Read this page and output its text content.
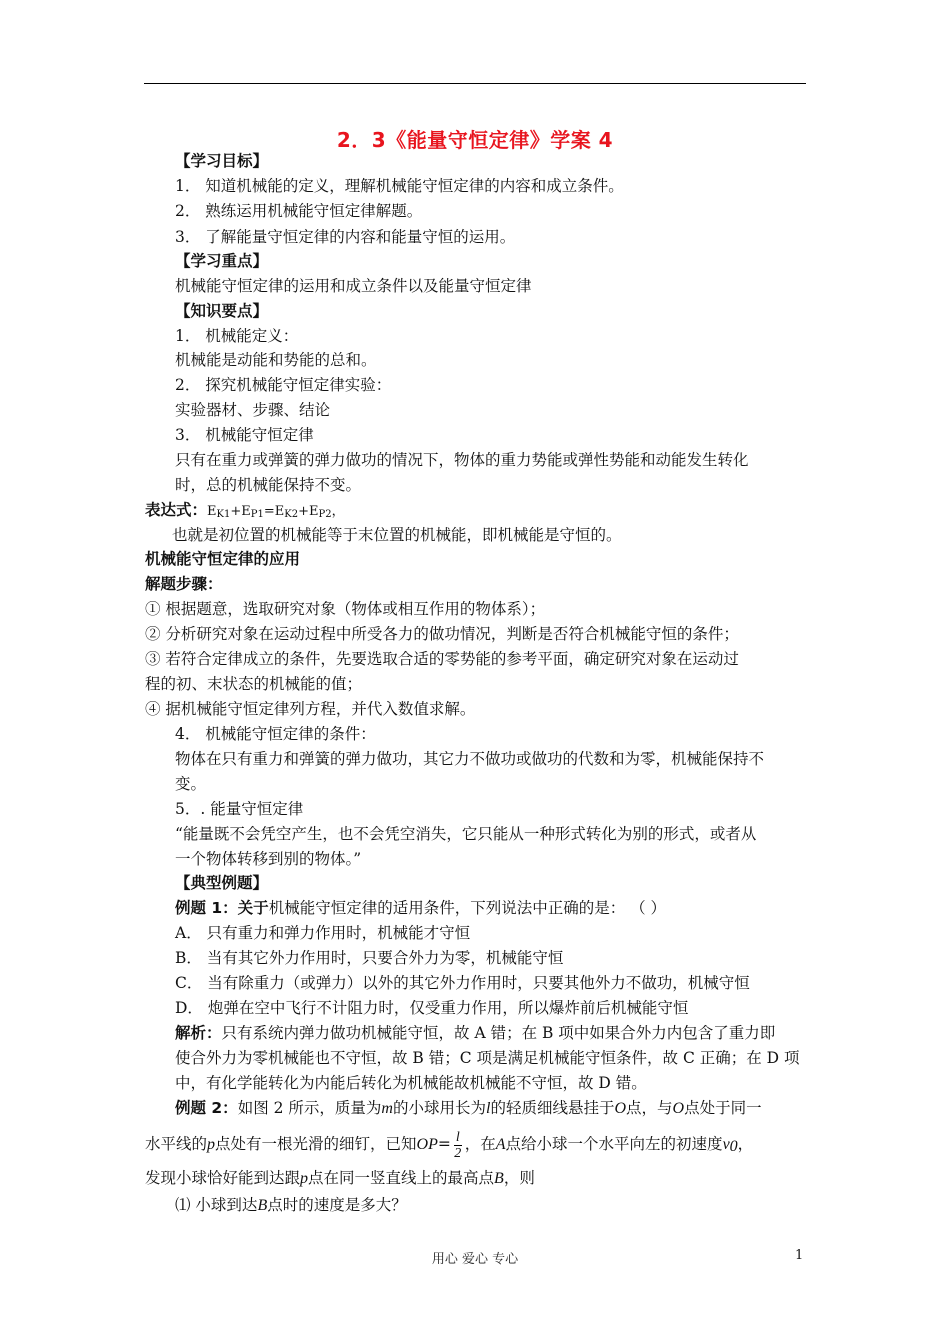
2．3《能量守恒定律》学案 4
【学习目标】
1． 知道机械能的定义，理解机械能守恒定律的内容和成立条件。
2． 熟练运用机械能守恒定律解题。
3． 了解能量守恒定律的内容和能量守恒的运用。
【学习重点】
机械能守恒定律的运用和成立条件以及能量守恒定律
【知识要点】
1． 机械能定义：
机械能是动能和势能的总和。
2． 探究机械能守恒定律实验：
实验器材、步骤、结论
3． 机械能守恒定律
只有在重力或弹簧的弹力做功的情况下，物体的重力势能或弹性势能和动能发生转化
时，总的机械能保持不变。
表达式：$E_{K1}+E_{P1}=E_{K2}+E_{P2}$，
也就是初位置的机械能等于末位置的机械能，即机械能是守恒的。
机械能守恒定律的应用
解题步骤：
① 根据题意，选取研究对象（物体或相互作用的物体系）；
② 分析研究对象在运动过程中所受各力的做功情况，判断是否符合机械能守恒的条件；
③ 若符合定律成立的条件，先要选取合适的零势能的参考平面，确定研究对象在运动过
程的初、末状态的机械能的值；
④ 据机械能守恒定律列方程，并代入数值求解。
4． 机械能守恒定律的条件：
物体在只有重力和弹簧的弹力做功，其它力不做功或做功的代数和为零，机械能保持不
变。
5．. 能量守恒定律
“能量既不会凭空产生，也不会凭空消失，它只能从一种形式转化为别的形式，或者从
一个物体转移到别的物体。”
【典型例题】
例题 1：关于机械能守恒定律的适用条件，下列说法中正确的是： （ ）
A． 只有重力和弹力作用时，机械能才守恒
B． 当有其它外力作用时，只要合外力为零，机械能守恒
C． 当有除重力（或弹力）以外的其它外力作用时，只要其他外力不做功，机械守恒
D． 炮弹在空中飞行不计阻力时，仅受重力作用，所以爆炸前后机械能守恒
解析：只有系统内弹力做功机械能守恒，故 A 错；在 B 项中如果合外力内包含了重力即
使合外力为零机械能也不守恒，故 B 错；C 项是满足机械能守恒条件，故 C 正确；在 D 项
中，有化学能转化为内能后转化为机械能故机械能不守恒，故 D 错。
例题 2：如图 2 所示，质量为m的小球用长为l的轻质细线悬挂于O点，与O点处于同一
水平线的p点处有一根光滑的细钉，已知$OP= \frac{l}{2}$ ，在A点给小球一个水平向左的初速度v0，
发现小球恰好能到达跟p点在同一竖直线上的最高点B，则
⑴ 小球到达B点时的速度是多大？
用心 爱心 专心	1
